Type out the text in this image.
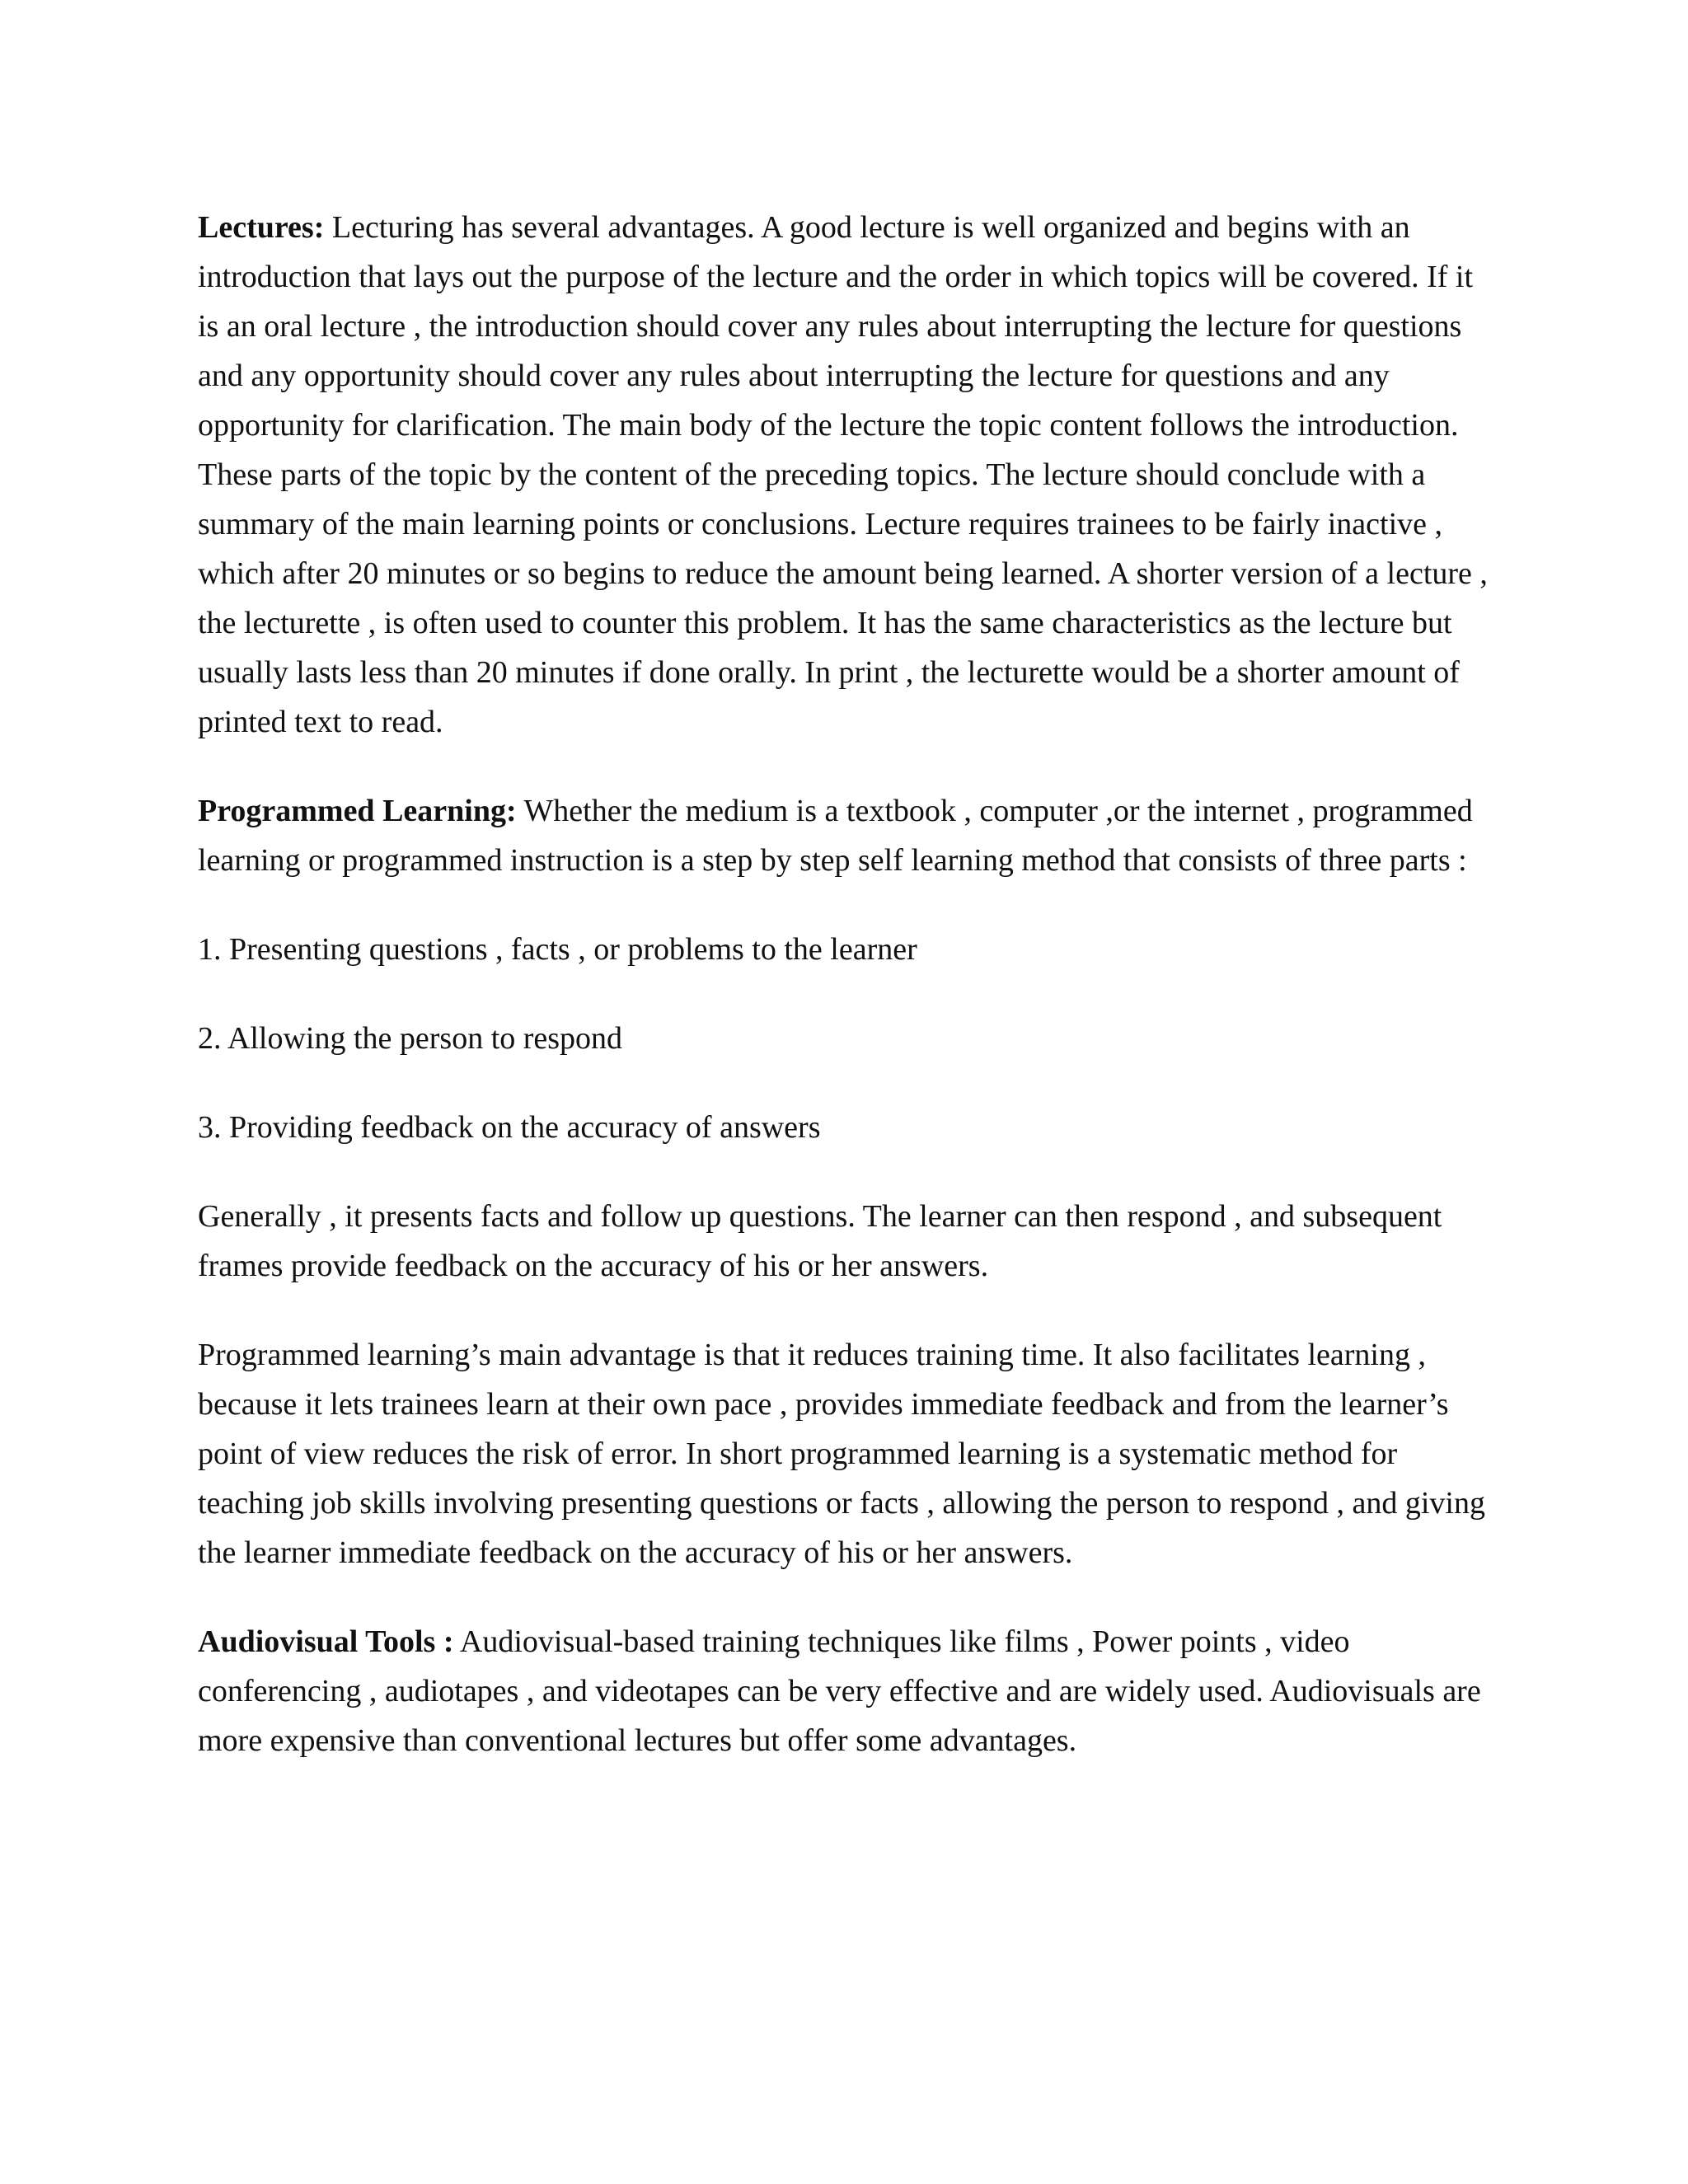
Lectures: Lecturing has several advantages. A good lecture is well organized and begins with an introduction that lays out the purpose of the lecture and the order in which topics will be covered. If it is an oral lecture , the introduction should cover any rules about interrupting the lecture for questions and any opportunity should cover any rules about interrupting the lecture for questions and any opportunity for clarification. The main body of the lecture the topic content follows the introduction. These parts of the topic by the content of the preceding topics. The lecture should conclude with a summary of the main learning points or conclusions. Lecture requires trainees to be fairly inactive , which after 20 minutes or so begins to reduce the amount being learned. A shorter version of a lecture , the lecturette , is often used to counter this problem. It has the same characteristics as the lecture but usually lasts less than 20 minutes if done orally. In print , the lecturette would be a shorter amount of printed text to read.

Programmed Learning: Whether the medium is a textbook , computer ,or the internet , programmed learning or programmed instruction is a step by step self learning method that consists of three parts :

1. Presenting questions , facts , or problems to the learner

2. Allowing the person to respond

3. Providing feedback on the accuracy of answers

Generally , it presents facts and follow up questions. The learner can then respond , and subsequent frames provide feedback on the accuracy of his or her answers.

Programmed learning’s main advantage is that it reduces training time. It also facilitates learning , because it lets trainees learn at their own pace , provides immediate feedback and from the learner’s point of view reduces the risk of error. In short programmed learning is a systematic method for teaching job skills involving presenting questions or facts , allowing the person to respond , and giving the learner immediate feedback on the accuracy of his or her answers.

Audiovisual Tools : Audiovisual-based training techniques like films , Power points , video conferencing , audiotapes , and videotapes can be very effective and are widely used. Audiovisuals are more expensive than conventional lectures but offer some advantages.
